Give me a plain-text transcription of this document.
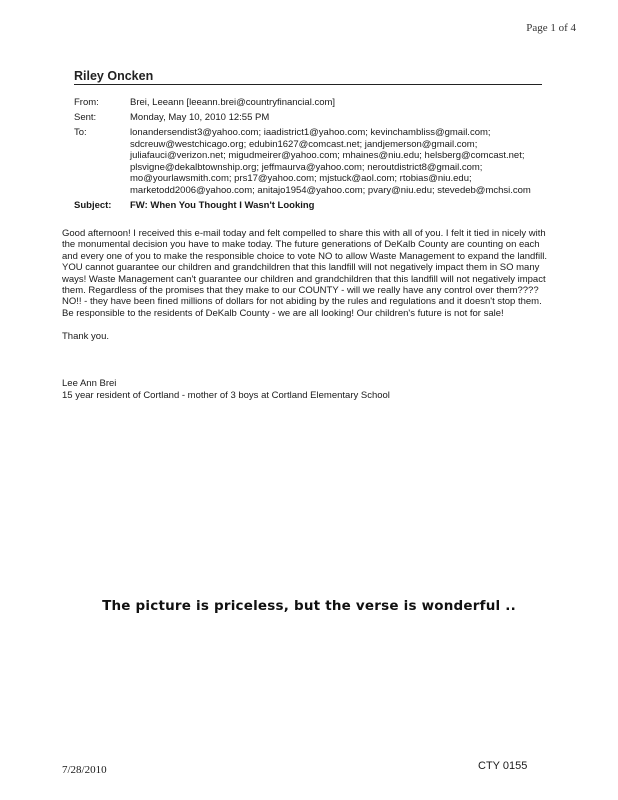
Page 1 of 4
Riley Oncken
From:	Brei, Leeann [leeann.brei@countryfinancial.com]
Sent:	Monday, May 10, 2010 12:55 PM
To:	lonandersendist3@yahoo.com; iaadistrict1@yahoo.com; kevinchambliss@gmail.com;
sdcreuw@westchicago.org; edubin1627@comcast.net; jandjemerson@gmail.com;
juliafauci@verizon.net; migudmeirer@yahoo.com; mhaines@niu.edu; helsberg@comcast.net;
plsvigne@dekalbtownship.org; jeffmaurva@yahoo.com; neroutdistrict8@gmail.com;
mo@yourlawsmith.com; prs17@yahoo.com; mjstuck@aol.com; rtobias@niu.edu;
marketodd2006@yahoo.com; anitajo1954@yahoo.com; pvary@niu.edu; stevedeb@mchsi.com
Subject:	FW: When You Thought I Wasn't Looking

Good afternoon! I received this e-mail today and felt compelled to share this with all of you. I felt it tied in nicely with the monumental decision you have to make today. The future generations of DeKalb County are counting on each and every one of you to make the responsible choice to vote NO to allow Waste Management to expand the landfill. YOU cannot guarantee our children and grandchildren that this landfill will not negatively impact them in SO many ways! Waste Management can't guarantee our children and grandchildren that this landfill will not negatively impact them. Regardless of the promises that they make to our COUNTY - will we really have any control over them???? NO!! - they have been fined millions of dollars for not abiding by the rules and regulations and it doesn't stop them. Be responsible to the residents of DeKalb County - we are all looking! Our children's future is not for sale!

Thank you.

Lee Ann Brei
15 year resident of Cortland - mother of 3 boys at Cortland Elementary School
The picture is priceless, but the verse is wonderful ..
7/28/2010	CTY 0155
